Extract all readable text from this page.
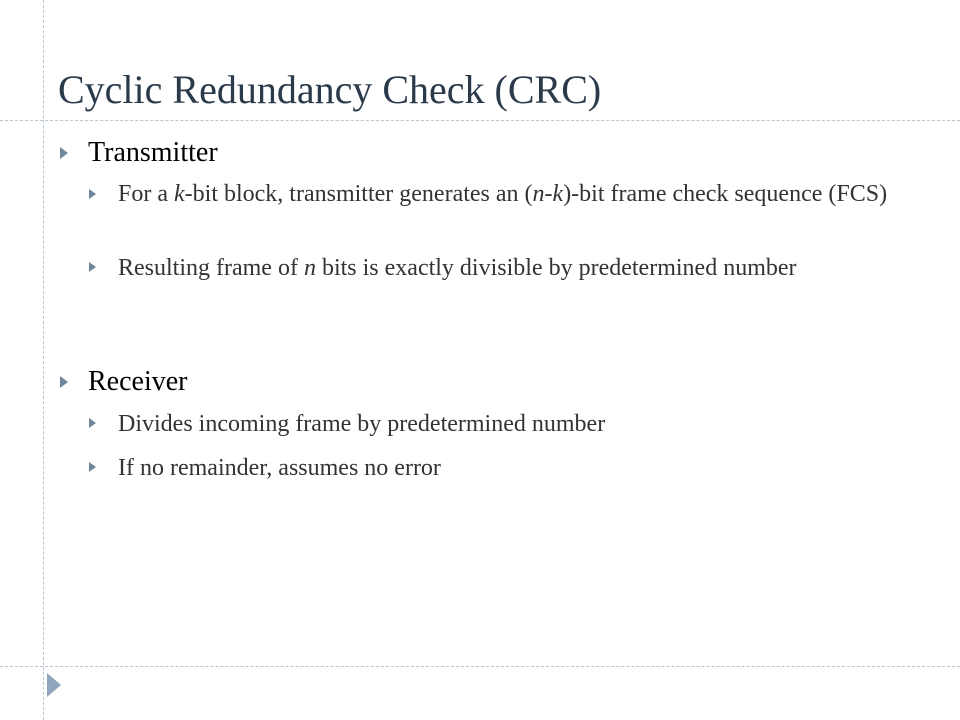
Cyclic Redundancy Check (CRC)
Transmitter
For a k-bit block, transmitter generates an (n-k)-bit frame check sequence (FCS)
Resulting frame of n bits is exactly divisible by predetermined number
Receiver
Divides incoming frame by predetermined number
If no remainder, assumes no error
